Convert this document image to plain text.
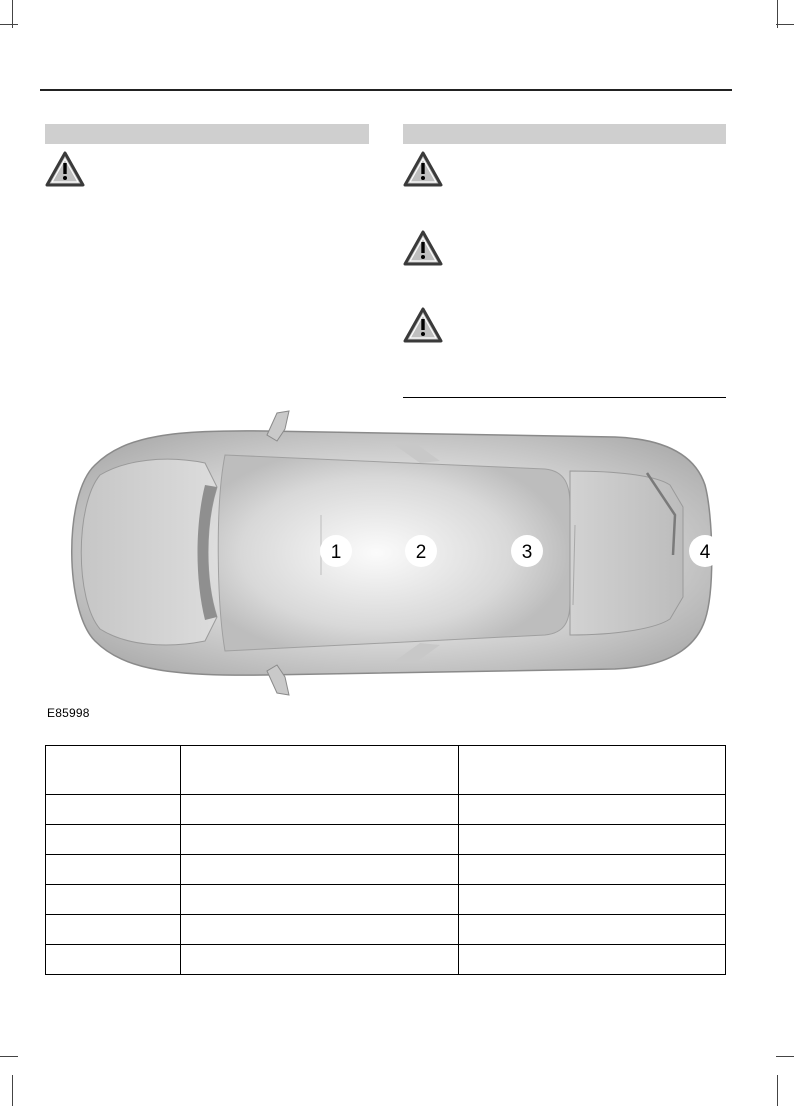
1	2	3	4
E85998
